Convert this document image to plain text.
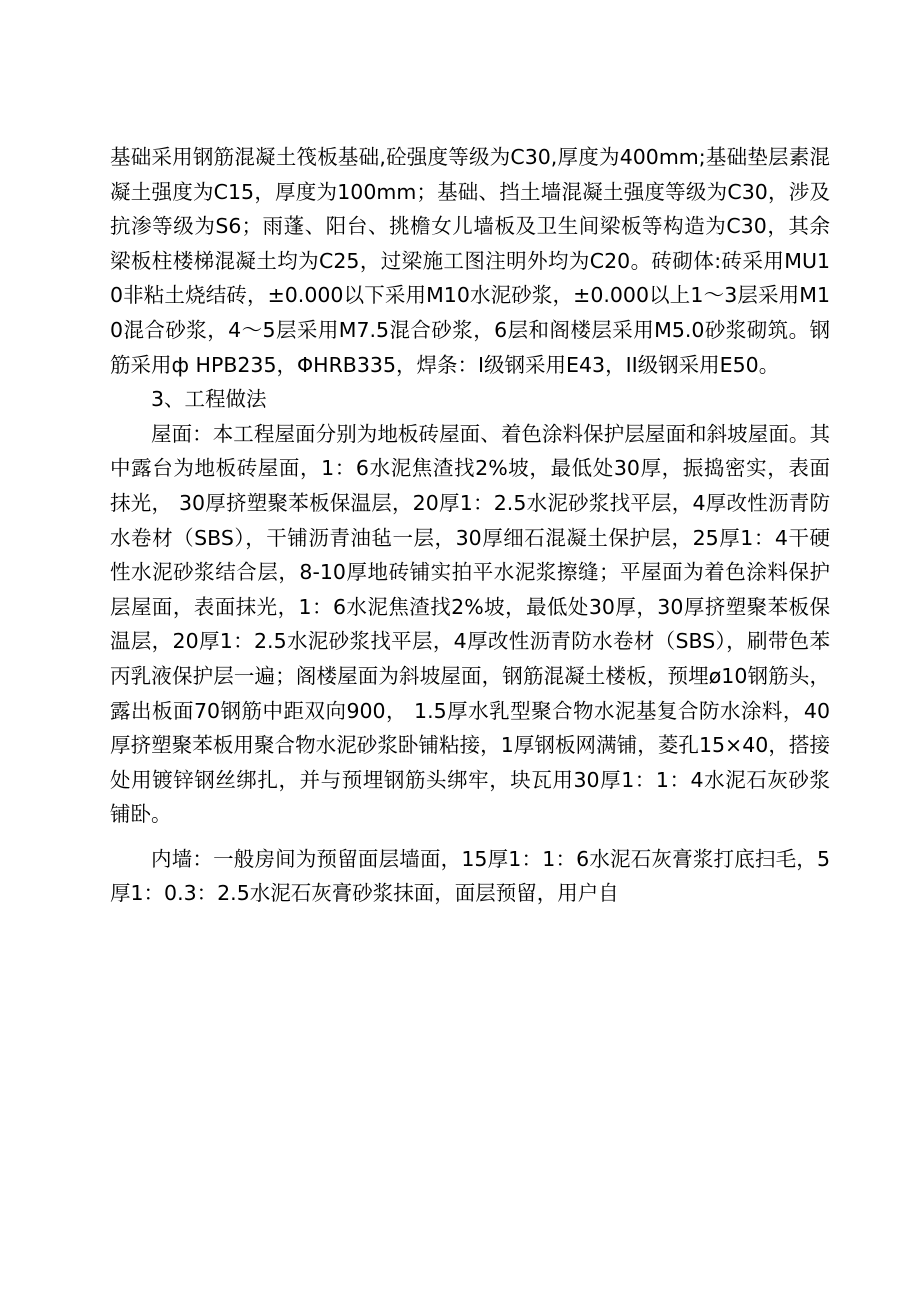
基础采用钢筋混凝土筏板基础,砼强度等级为C30,厚度为400mm;基础垫层素混凝土强度为C15，厚度为100mm；基础、挡土墙混凝土强度等级为C30，涉及抗渗等级为S6；雨蓬、阳台、挑檐女儿墙板及卫生间梁板等构造为C30，其余梁板柱楼梯混凝土均为C25，过梁施工图注明外均为C20。砖砌体:砖采用MU10非粘土烧结砖，±0.000以下采用M10水泥砂浆，±0.000以上1～3层采用M10混合砂浆，4～5层采用M7.5混合砂浆，6层和阁楼层采用M5.0砂浆砌筑。钢筋采用ф HPB235，ΦHRB335，焊条：I级钢采用E43，II级钢采用E50。

3、工程做法

屋面：本工程屋面分别为地板砖屋面、着色涂料保护层屋面和斜坡屋面。其中露台为地板砖屋面，1：6水泥焦渣找2%坡，最低处30厚，振捣密实，表面抹光， 30厚挤塑聚苯板保温层，20厚1：2.5水泥砂浆找平层，4厚改性沥青防水卷材（SBS），干铺沥青油毡一层，30厚细石混凝土保护层，25厚1：4干硬性水泥砂浆结合层，8-10厚地砖铺实拍平水泥浆擦缝；平屋面为着色涂料保护层屋面，表面抹光，1：6水泥焦渣找2%坡，最低处30厚，30厚挤塑聚苯板保温层，20厚1：2.5水泥砂浆找平层，4厚改性沥青防水卷材（SBS），刷带色苯丙乳液保护层一遍；阁楼屋面为斜坡屋面，钢筋混凝土楼板，预埋ø10钢筋头，露出板面70钢筋中距双向900， 1.5厚水乳型聚合物水泥基复合防水涂料，40厚挤塑聚苯板用聚合物水泥砂浆卧铺粘接，1厚钢板网满铺，菱孔15×40，搭接处用镀锌钢丝绑扎，并与预埋钢筋头绑牢，块瓦用30厚1：1：4水泥石灰砂浆铺卧。

内墙：一般房间为预留面层墙面，15厚1：1：6水泥石灰膏浆打底扫毛，5厚1：0.3：2.5水泥石灰膏砂浆抹面，面层预留，用户自
